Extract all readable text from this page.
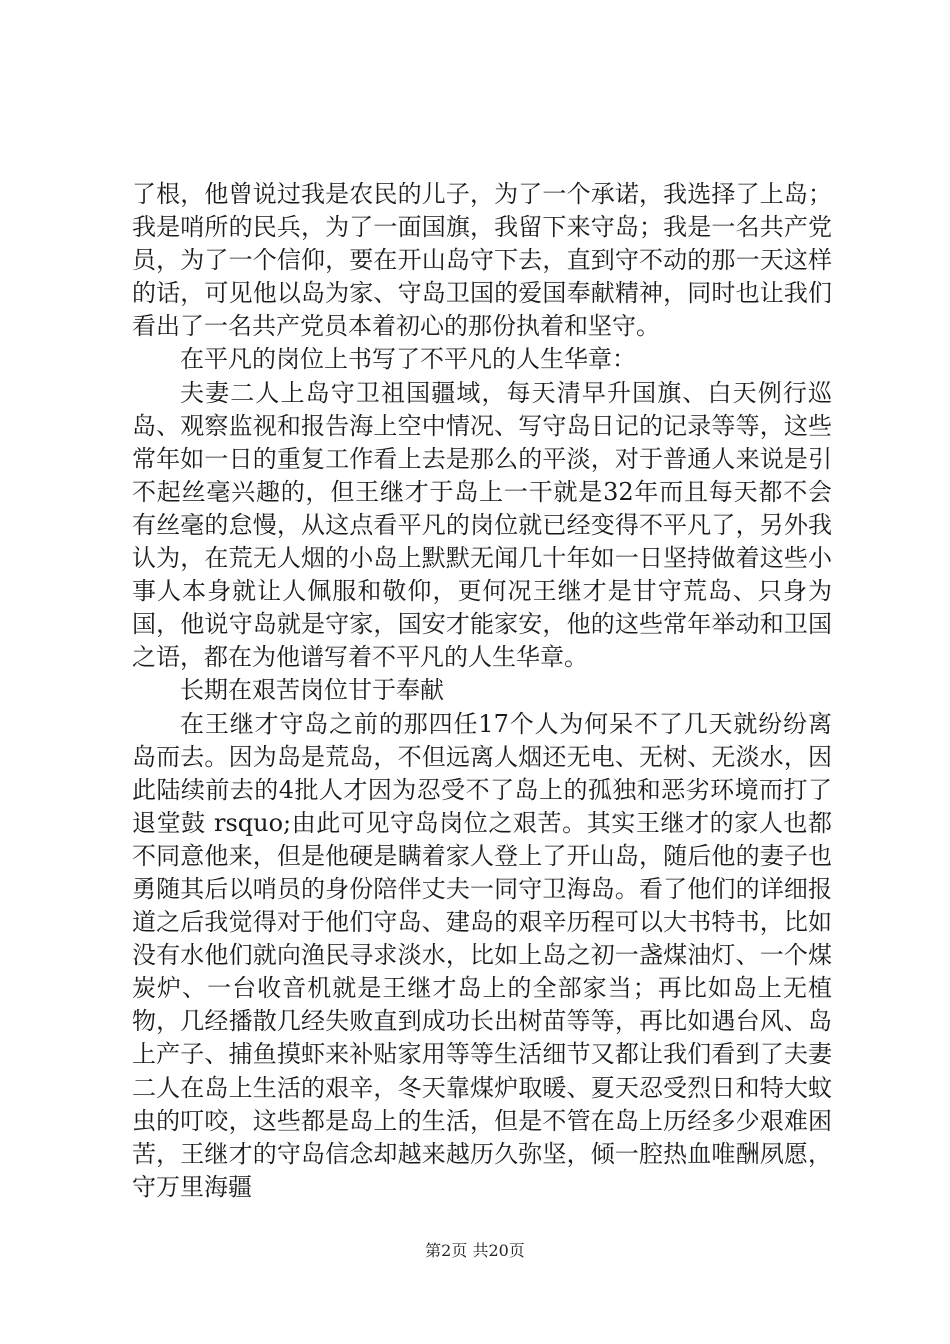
了根，他曾说过我是农民的儿子，为了一个承诺，我选择了上岛；我是哨所的民兵，为了一面国旗，我留下来守岛；我是一名共产党员，为了一个信仰，要在开山岛守下去，直到守不动的那一天这样的话，可见他以岛为家、守岛卫国的爱国奉献精神，同时也让我们看出了一名共产党员本着初心的那份执着和坚守。

在平凡的岗位上书写了不平凡的人生华章：

夫妻二人上岛守卫祖国疆域，每天清早升国旗、白天例行巡岛、观察监视和报告海上空中情况、写守岛日记的记录等等，这些常年如一日的重复工作看上去是那么的平淡，对于普通人来说是引不起丝毫兴趣的，但王继才于岛上一干就是32年而且每天都不会有丝毫的怠慢，从这点看平凡的岗位就已经变得不平凡了，另外我认为，在荒无人烟的小岛上默默无闻几十年如一日坚持做着这些小事人本身就让人佩服和敬仰，更何况王继才是甘守荒岛、只身为国，他说守岛就是守家，国安才能家安，他的这些常年举动和卫国之语，都在为他谱写着不平凡的人生华章。

长期在艰苦岗位甘于奉献

在王继才守岛之前的那四任17个人为何呆不了几天就纷纷离岛而去。因为岛是荒岛，不但远离人烟还无电、无树、无淡水，因此陆续前去的4批人才因为忍受不了岛上的孤独和恶劣环境而打了退堂鼓 rsquo;由此可见守岛岗位之艰苦。其实王继才的家人也都不同意他来，但是他硬是瞒着家人登上了开山岛，随后他的妻子也勇随其后以哨员的身份陪伴丈夫一同守卫海岛。看了他们的详细报道之后我觉得对于他们守岛、建岛的艰辛历程可以大书特书，比如没有水他们就向渔民寻求淡水，比如上岛之初一盏煤油灯、一个煤炭炉、一台收音机就是王继才岛上的全部家当；再比如岛上无植物，几经播散几经失败直到成功长出树苗等等，再比如遇台风、岛上产子、捕鱼摸虾来补贴家用等等生活细节又都让我们看到了夫妻二人在岛上生活的艰辛，冬天靠煤炉取暖、夏天忍受烈日和特大蚊虫的叮咬，这些都是岛上的生活，但是不管在岛上历经多少艰难困苦，王继才的守岛信念却越来越历久弥坚，倾一腔热血唯酬夙愿，守万里海疆

第2页 共20页
